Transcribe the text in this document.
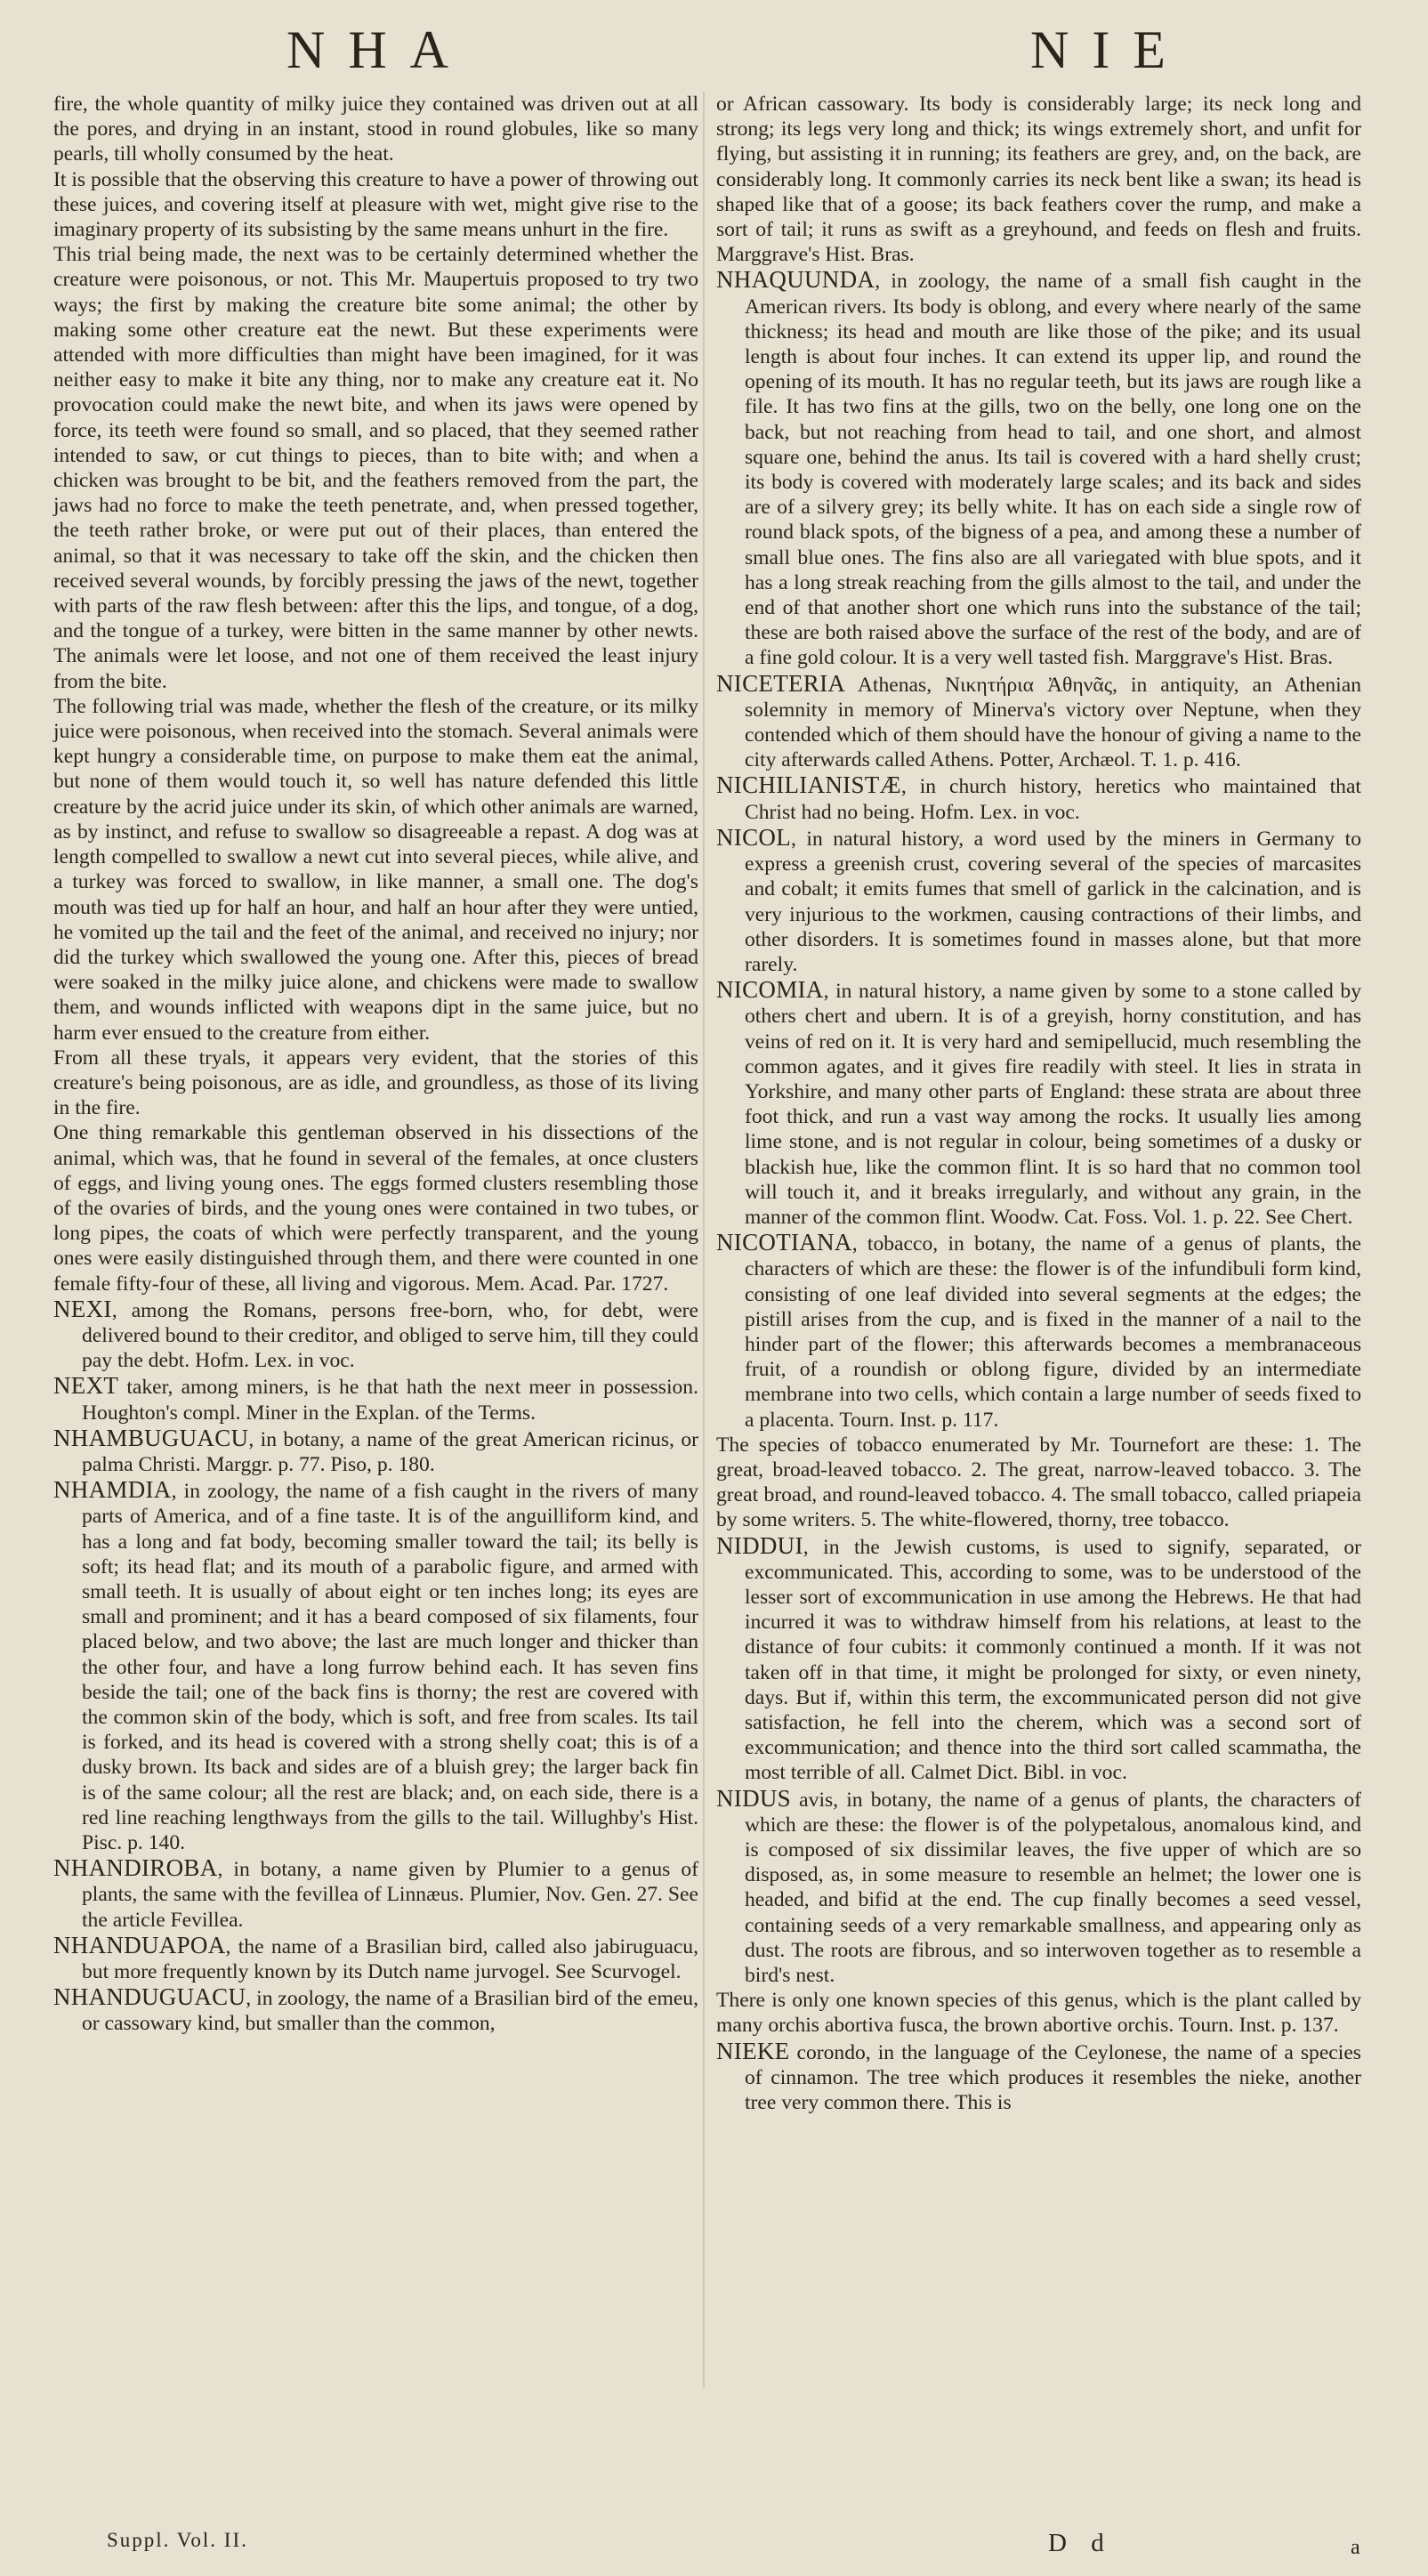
NHA	NIE

fire, the whole quantity of milky juice they contained was driven out at all the pores, and drying in an instant, stood in round globules, like so many pearls, till wholly consumed by the heat.

It is possible that the observing this creature to have a power of throwing out these juices, and covering itself at pleasure with wet, might give rise to the imaginary property of its subsisting by the same means unhurt in the fire.

This trial being made, the next was to be certainly determined whether the creature were poisonous, or not. This Mr. Maupertuis proposed to try two ways; the first by making the creature bite some animal; the other by making some other creature eat the newt. But these experiments were attended with more difficulties than might have been imagined, for it was neither easy to make it bite any thing, nor to make any creature eat it. No provocation could make the newt bite, and when its jaws were opened by force, its teeth were found so small, and so placed, that they seemed rather intended to saw, or cut things to pieces, than to bite with; and when a chicken was brought to be bit, and the feathers removed from the part, the jaws had no force to make the teeth penetrate, and, when pressed together, the teeth rather broke, or were put out of their places, than entered the animal, so that it was necessary to take off the skin, and the chicken then received several wounds, by forcibly pressing the jaws of the newt, together with parts of the raw flesh between: after this the lips, and tongue, of a dog, and the tongue of a turkey, were bitten in the same manner by other newts. The animals were let loose, and not one of them received the least injury from the bite.

The following trial was made, whether the flesh of the creature, or its milky juice were poisonous, when received into the stomach. Several animals were kept hungry a considerable time, on purpose to make them eat the animal, but none of them would touch it, so well has nature defended this little creature by the acrid juice under its skin, of which other animals are warned, as by instinct, and refuse to swallow so disagreeable a repast. A dog was at length compelled to swallow a newt cut into several pieces, while alive, and a turkey was forced to swallow, in like manner, a small one. The dog's mouth was tied up for half an hour, and half an hour after they were untied, he vomited up the tail and the feet of the animal, and received no injury; nor did the turkey which swallowed the young one. After this, pieces of bread were soaked in the milky juice alone, and chickens were made to swallow them, and wounds inflicted with weapons dipt in the same juice, but no harm ever ensued to the creature from either.

From all these tryals, it appears very evident, that the stories of this creature's being poisonous, are as idle, and groundless, as those of its living in the fire.

One thing remarkable this gentleman observed in his dissections of the animal, which was, that he found in several of the females, at once clusters of eggs, and living young ones. The eggs formed clusters resembling those of the ovaries of birds, and the young ones were contained in two tubes, or long pipes, the coats of which were perfectly transparent, and the young ones were easily distinguished through them, and there were counted in one female fifty-four of these, all living and vigorous. Mem. Acad. Par. 1727.

NEXI, among the Romans, persons free-born, who, for debt, were delivered bound to their creditor, and obliged to serve him, till they could pay the debt. Hofm. Lex. in voc.

NEXT taker, among miners, is he that hath the next meer in possession. Houghton's compl. Miner in the Explan. of the Terms.

NHAMBUGUACU, in botany, a name of the great American ricinus, or palma Christi. Marggr. p. 77. Piso, p. 180.

NHAMDIA, in zoology, the name of a fish caught in the rivers of many parts of America, and of a fine taste. It is of the anguilliform kind, and has a long and fat body, becoming smaller toward the tail; its belly is soft; its head flat; and its mouth of a parabolic figure, and armed with small teeth. It is usually of about eight or ten inches long; its eyes are small and prominent; and it has a beard composed of six filaments, four placed below, and two above; the last are much longer and thicker than the other four, and have a long furrow behind each. It has seven fins beside the tail; one of the back fins is thorny; the rest are covered with the common skin of the body, which is soft, and free from scales. Its tail is forked, and its head is covered with a strong shelly coat; this is of a dusky brown. Its back and sides are of a bluish grey; the larger back fin is of the same colour; all the rest are black; and, on each side, there is a red line reaching lengthways from the gills to the tail. Willughby's Hist. Pisc. p. 140.

NHANDIROBA, in botany, a name given by Plumier to a genus of plants, the same with the fevillea of Linnæus. Plumier, Nov. Gen. 27. See the article Fevillea.

NHANDUAPOA, the name of a Brasilian bird, called also jabiruguacu, but more frequently known by its Dutch name jurvogel. See Scurvogel.

NHANDUGUACU, in zoology, the name of a Brasilian bird of the emeu, or cassowary kind, but smaller than the common,

or African cassowary. Its body is considerably large; its neck long and strong; its legs very long and thick; its wings extremely short, and unfit for flying, but assisting it in running; its feathers are grey, and, on the back, are considerably long. It commonly carries its neck bent like a swan; its head is shaped like that of a goose; its back feathers cover the rump, and make a sort of tail; it runs as swift as a greyhound, and feeds on flesh and fruits. Marggrave's Hist. Bras.

NHAQUUNDA, in zoology, the name of a small fish caught in the American rivers. Its body is oblong, and every where nearly of the same thickness; its head and mouth are like those of the pike; and its usual length is about four inches. It can extend its upper lip, and round the opening of its mouth. It has no regular teeth, but its jaws are rough like a file. It has two fins at the gills, two on the belly, one long one on the back, but not reaching from head to tail, and one short, and almost square one, behind the anus. Its tail is covered with a hard shelly crust; its body is covered with moderately large scales; and its back and sides are of a silvery grey; its belly white. It has on each side a single row of round black spots, of the bigness of a pea, and among these a number of small blue ones. The fins also are all variegated with blue spots, and it has a long streak reaching from the gills almost to the tail, and under the end of that another short one which runs into the substance of the tail; these are both raised above the surface of the rest of the body, and are of a fine gold colour. It is a very well tasted fish. Marggrave's Hist. Bras.

NICETERIA Athenas, Νικητήρια Ἀθηνᾶς, in antiquity, an Athenian solemnity in memory of Minerva's victory over Neptune, when they contended which of them should have the honour of giving a name to the city afterwards called Athens. Potter, Archæol. T. 1. p. 416.

NICHILIANISTÆ, in church history, heretics who maintained that Christ had no being. Hofm. Lex. in voc.

NICOL, in natural history, a word used by the miners in Germany to express a greenish crust, covering several of the species of marcasites and cobalt; it emits fumes that smell of garlick in the calcination, and is very injurious to the workmen, causing contractions of their limbs, and other disorders. It is sometimes found in masses alone, but that more rarely.

NICOMIA, in natural history, a name given by some to a stone called by others chert and ubern. It is of a greyish, horny constitution, and has veins of red on it. It is very hard and semipellucid, much resembling the common agates, and it gives fire readily with steel. It lies in strata in Yorkshire, and many other parts of England: these strata are about three foot thick, and run a vast way among the rocks. It usually lies among lime stone, and is not regular in colour, being sometimes of a dusky or blackish hue, like the common flint. It is so hard that no common tool will touch it, and it breaks irregularly, and without any grain, in the manner of the common flint. Woodw. Cat. Foss. Vol. 1. p. 22. See Chert.

NICOTIANA, tobacco, in botany, the name of a genus of plants, the characters of which are these: the flower is of the infundibuli form kind, consisting of one leaf divided into several segments at the edges; the pistill arises from the cup, and is fixed in the manner of a nail to the hinder part of the flower; this afterwards becomes a membranaceous fruit, of a roundish or oblong figure, divided by an intermediate membrane into two cells, which contain a large number of seeds fixed to a placenta. Tourn. Inst. p. 117.

The species of tobacco enumerated by Mr. Tournefort are these: 1. The great, broad-leaved tobacco. 2. The great, narrow-leaved tobacco. 3. The great broad, and round-leaved tobacco. 4. The small tobacco, called priapeia by some writers. 5. The white-flowered, thorny, tree tobacco.

NIDDUI, in the Jewish customs, is used to signify, separated, or excommunicated. This, according to some, was to be understood of the lesser sort of excommunication in use among the Hebrews. He that had incurred it was to withdraw himself from his relations, at least to the distance of four cubits: it commonly continued a month. If it was not taken off in that time, it might be prolonged for sixty, or even ninety, days. But if, within this term, the excommunicated person did not give satisfaction, he fell into the cherem, which was a second sort of excommunication; and thence into the third sort called scammatha, the most terrible of all. Calmet Dict. Bibl. in voc.

NIDUS avis, in botany, the name of a genus of plants, the characters of which are these: the flower is of the polypetalous, anomalous kind, and is composed of six dissimilar leaves, the five upper of which are so disposed, as, in some measure to resemble an helmet; the lower one is headed, and bifid at the end. The cup finally becomes a seed vessel, containing seeds of a very remarkable smallness, and appearing only as dust. The roots are fibrous, and so interwoven together as to resemble a bird's nest.

There is only one known species of this genus, which is the plant called by many orchis abortiva fusca, the brown abortive orchis. Tourn. Inst. p. 137.

NIEKE corondo, in the language of the Ceylonese, the name of a species of cinnamon. The tree which produces it resembles the nieke, another tree very common there. This is

Suppl. Vol. II.	D d	a
